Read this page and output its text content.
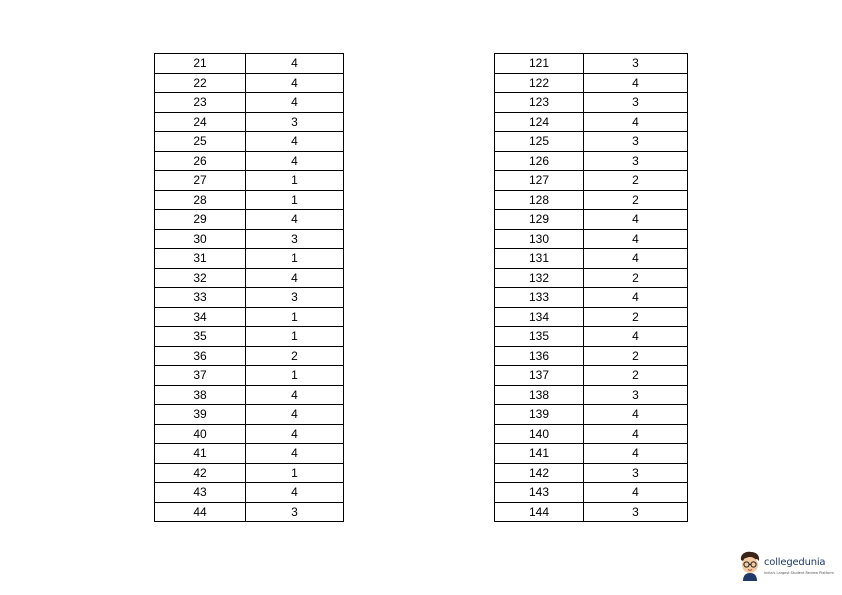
21	4
22	4
23	4
24	3
25	4
26	4
27	1
28	1
29	4
30	3
31	1
32	4
33	3
34	1
35	1
36	2
37	1
38	4
39	4
40	4
41	4
42	1
43	4
44	3
121	3
122	4
123	3
124	4
125	3
126	3
127	2
128	2
129	4
130	4
131	4
132	2
133	4
134	2
135	4
136	2
137	2
138	3
139	4
140	4
141	4
142	3
143	4
144	3
collegedunia
India's Largest Student Review Platform
